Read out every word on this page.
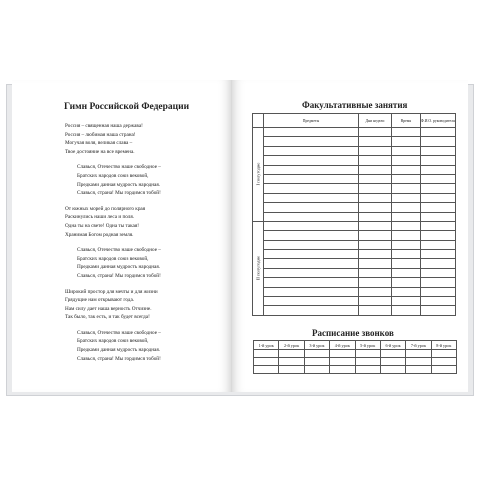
Гимн Российской Федерации
Россия – священная наша держава!
Россия – любимая наша страна!
Могучая воля, великая слава –
Твое достояние на все времена.
Славься, Отечество наше свободное –
Братских народов союз вековой,
Предками данная мудрость народная.
Славься, страна! Мы гордимся тобой!
От южных морей до полярного края
Раскинулись наши леса и поля.
Одна ты на свете! Одна ты такая!
Хранимая Богом родная земля.
Славься, Отечество наше свободное –
Братских народов союз вековой,
Предками данная мудрость народная.
Славься, страна! Мы гордимся тобой!
Широкий простор для мечты и для жизни
Грядущие нам открывают года.
Нам силу дает наша верность Отчизне.
Так было, так есть, и так будет всегда!
Славься, Отечество наше свободное –
Братских народов союз вековой,
Предками данная мудрость народная.
Славься, страна! Мы гордимся тобой!
Факультативные занятия
	Предметы	Дни недели	Время	Ф.И.О. руководителя

I полугодие				

II полугодие				

Расписание звонков
1-й урок	2-й урок	3-й урок	4-й урок	5-й урок	6-й урок	7-й урок	8-й урок
